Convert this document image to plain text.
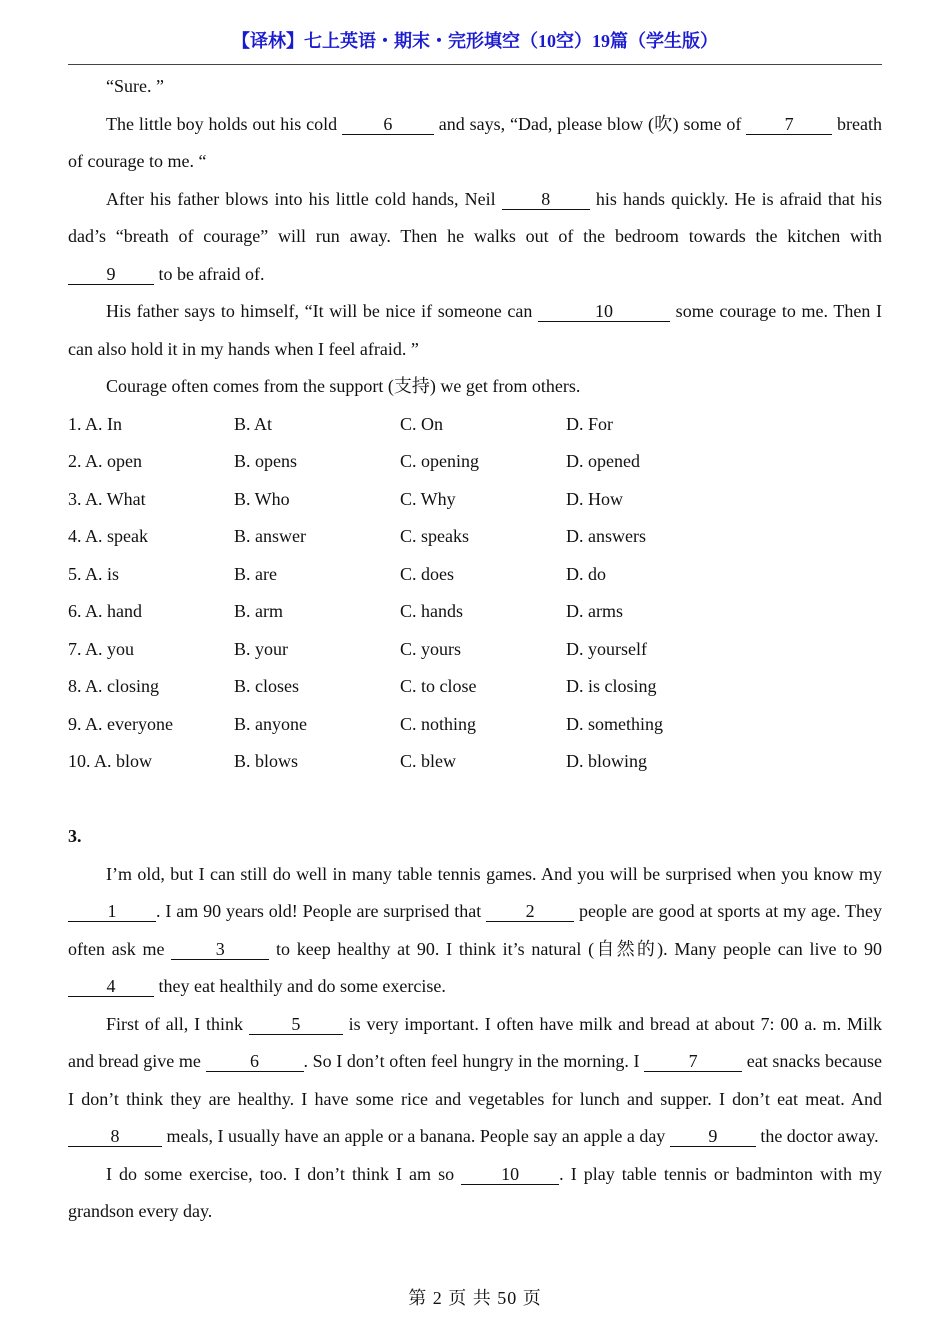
【译林】七上英语・期末・完形填空（10空）19篇（学生版）

“Sure. ”

The little boy holds out his cold 6 and says, “Dad, please blow (吹) some of 7 breath of courage to me. “

After his father blows into his little cold hands, Neil 8 his hands quickly. He is afraid that his dad’s “breath of courage” will run away. Then he walks out of the bedroom towards the kitchen with 9 to be afraid of.

His father says to himself, “It will be nice if someone can	10	some courage to me. Then I can also hold it in my hands when I feel afraid. ”

Courage often comes from the support (支持) we get from others.

1. A. In	B. At	C. On	D. For
2. A. open	B. opens	C. opening	D. opened
3. A. What	B. Who	C. Why	D. How
4. A. speak	B. answer	C. speaks	D. answers
5. A. is	B. are	C. does	D. do
6. A. hand	B. arm	C. hands	D. arms
7. A. you	B. your	C. yours	D. yourself
8. A. closing	B. closes	C. to close	D. is closing
9. A. everyone	B. anyone	C. nothing	D. something
10. A. blow	B. blows	C. blew	D. blowing
3.

I’m old, but I can still do well in many table tennis games. And you will be surprised when you know my 1 . I am 90 years old! People are surprised that 2 people are good at sports at my age. They often ask me 3 to keep healthy at 90. I think it’s natural (自然的). Many people can live to 90 4 they eat healthily and do some exercise.

First of all, I think 5 is very important. I often have milk and bread at about 7: 00 a. m. Milk and bread give me 6 . So I don’t often feel hungry in the morning. I 7 eat snacks because I don’t think they are healthy. I have some rice and vegetables for lunch and supper. I don’t eat meat. And 8 meals, I usually have an apple or a banana. People say an apple a day 9 the doctor away.

I do some exercise, too. I don’t think I am so 10 . I play table tennis or badminton with my grandson every day.

第 2 页 共 50 页
